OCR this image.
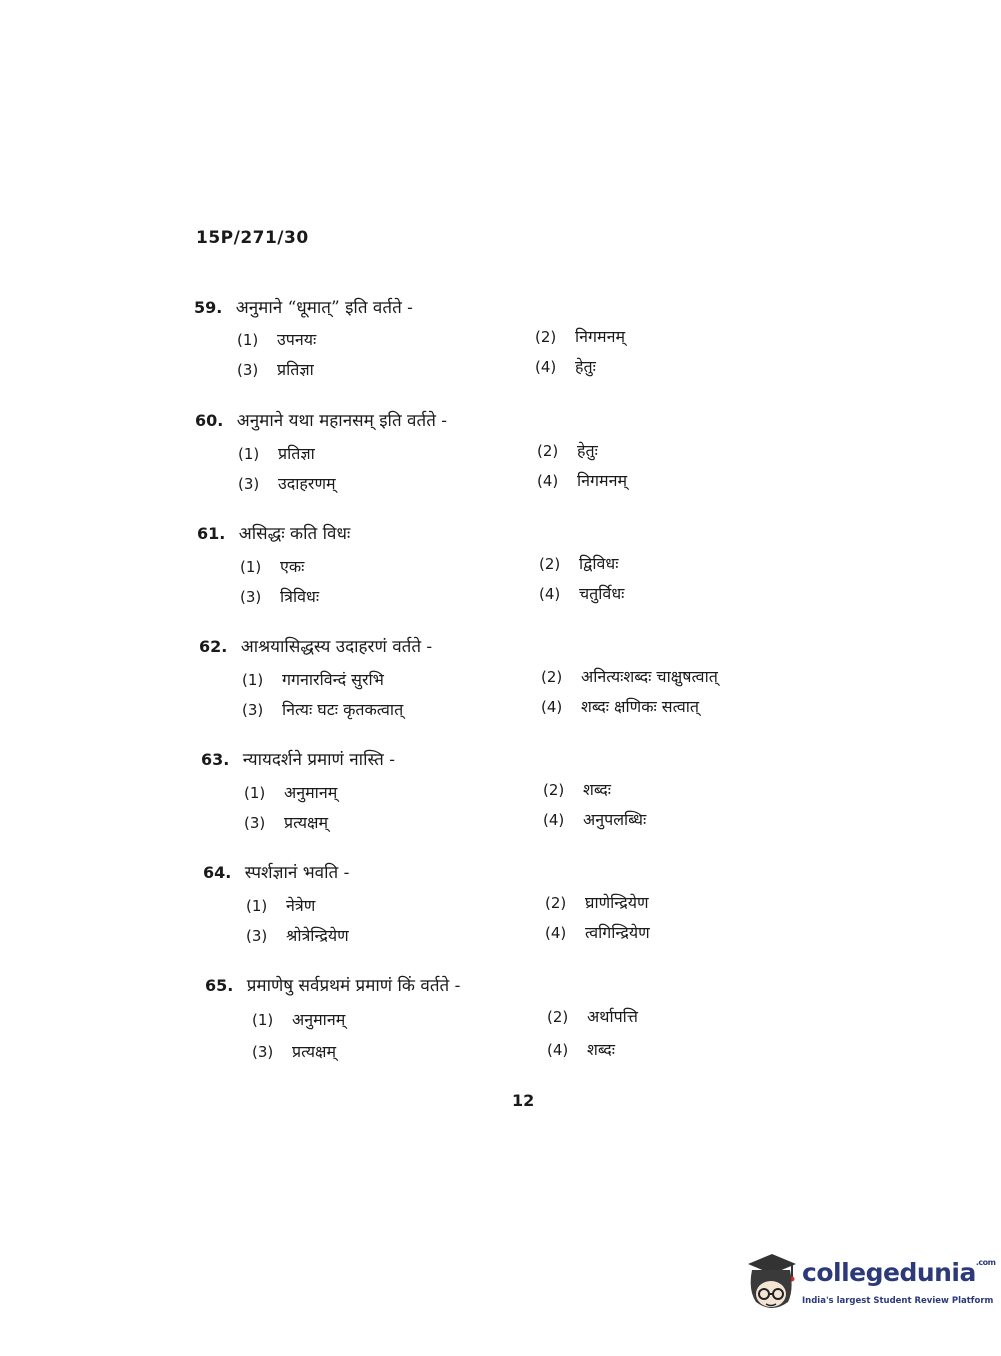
15P/271/30
59. अनुमाने “धूमात्” इति वर्तते -
(1) उपनयः	(2) निगमनम्
(3) प्रतिज्ञा	(4) हेतुः
60. अनुमाने यथा महानसम् इति वर्तते -
(1) प्रतिज्ञा	(2) हेतुः
(3) उदाहरणम्	(4) निगमनम्
61. असिद्धः कति विधः
(1) एकः	(2) द्विविधः
(3) त्रिविधः	(4) चतुर्विधः
62. आश्रयासिद्धस्य उदाहरणं वर्तते -
(1) गगनारविन्दं सुरभि	(2) अनित्यःशब्दः चाक्षुषत्वात्
(3) नित्यः घटः कृतकत्वात्	(4) शब्दः क्षणिकः सत्वात्
63. न्यायदर्शने प्रमाणं नास्ति -
(1) अनुमानम्	(2) शब्दः
(3) प्रत्यक्षम्	(4) अनुपलब्धिः
64. स्पर्शज्ञानं भवति -
(1) नेत्रेण	(2) घ्राणेन्द्रियेण
(3) श्रोत्रेन्द्रियेण	(4) त्वगिन्द्रियेण
65. प्रमाणेषु सर्वप्रथमं प्रमाणं किं वर्तते -
(1) अनुमानम्	(2) अर्थापत्ति
(3) प्रत्यक्षम्	(4) शब्दः
12
collegedunia$^{.com}$
India's largest Student Review Platform
